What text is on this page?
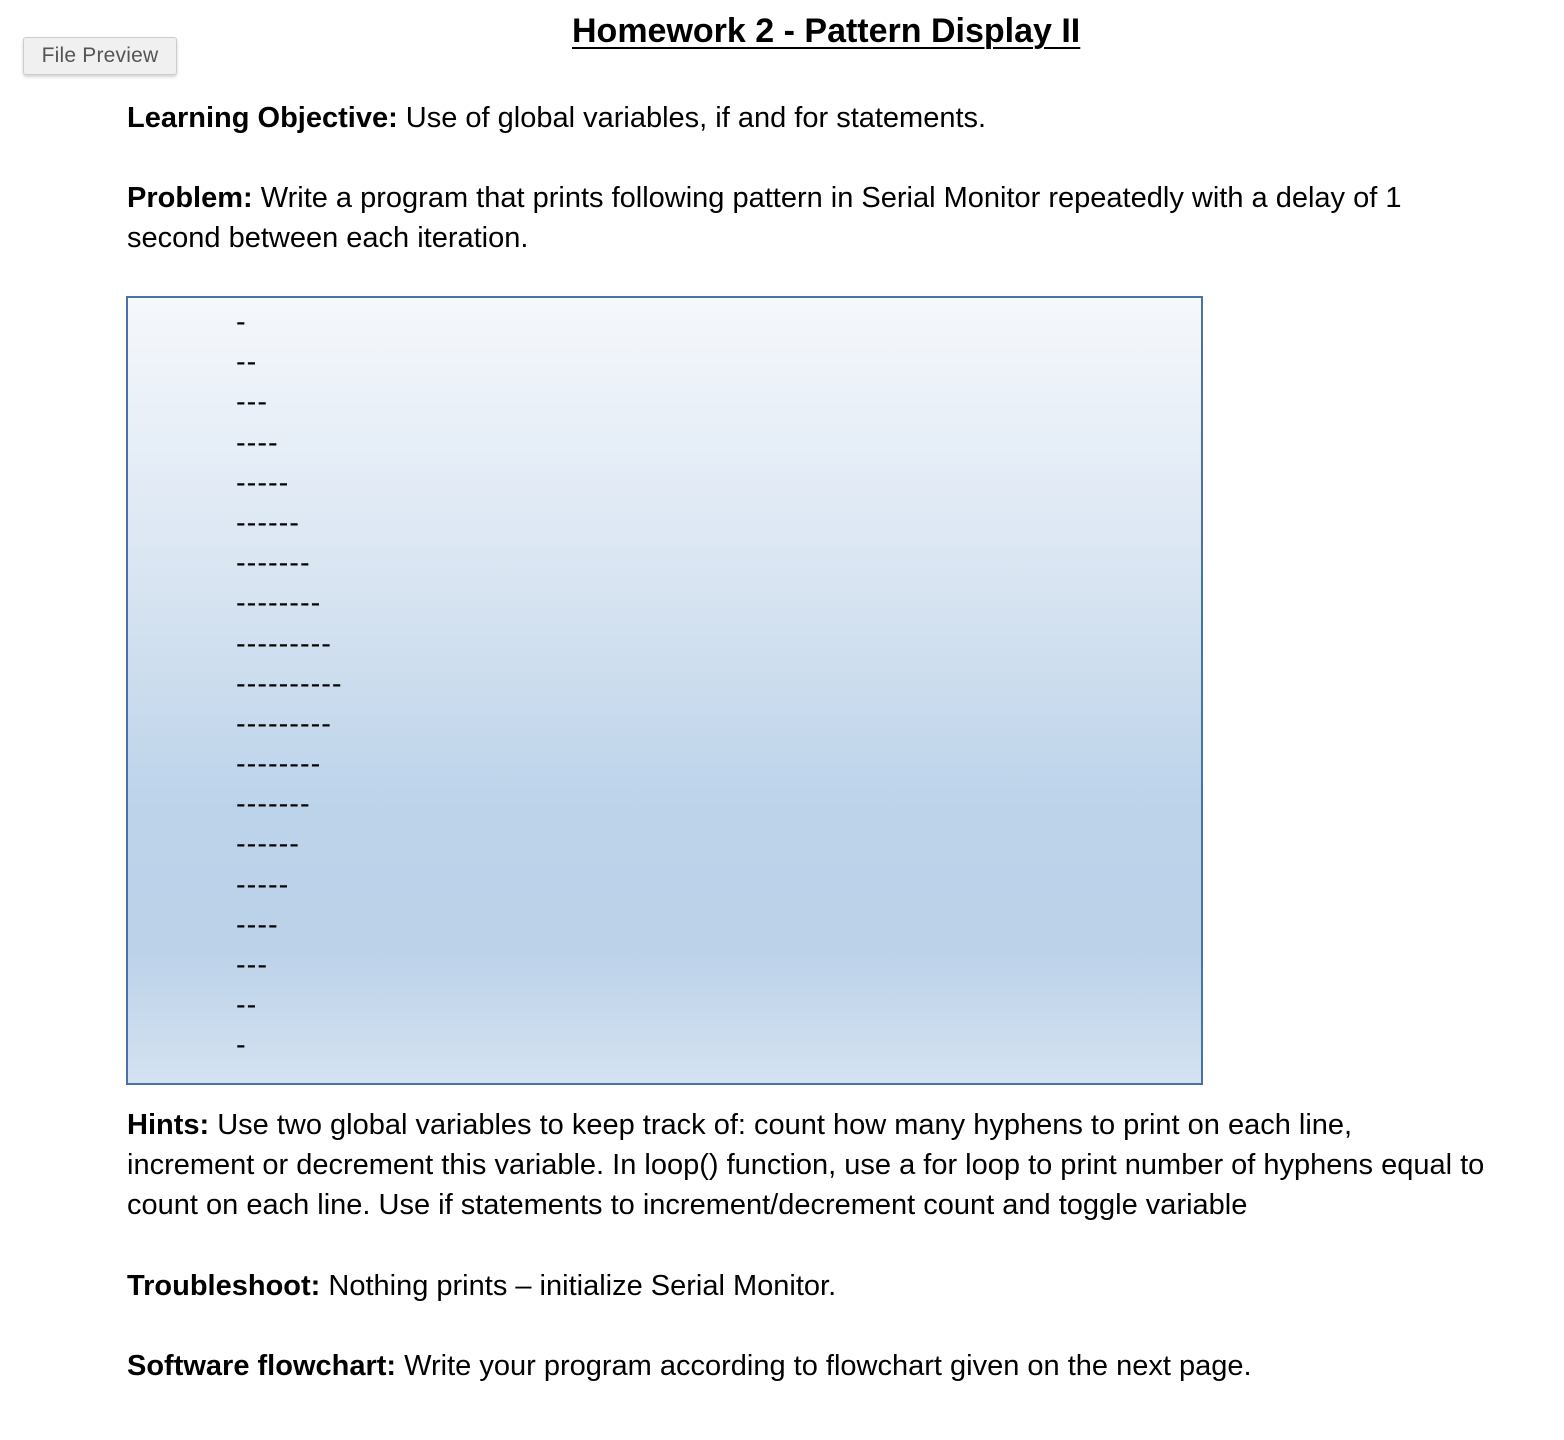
File Preview
Homework 2 - Pattern Display II
Learning Objective: Use of global variables, if and for statements.
Problem: Write a program that prints following pattern in Serial Monitor repeatedly with a delay of 1 second between each iteration.
-
--
---
----
-----
------
-------
--------
---------
----------
---------
--------
-------
------
-----
----
---
--
-
Hints: Use two global variables to keep track of: count how many hyphens to print on each line, increment or decrement this variable. In loop() function, use a for loop to print number of hyphens equal to count on each line. Use if statements to increment/decrement count and toggle variable
Troubleshoot: Nothing prints – initialize Serial Monitor.
Software flowchart: Write your program according to flowchart given on the next page.
